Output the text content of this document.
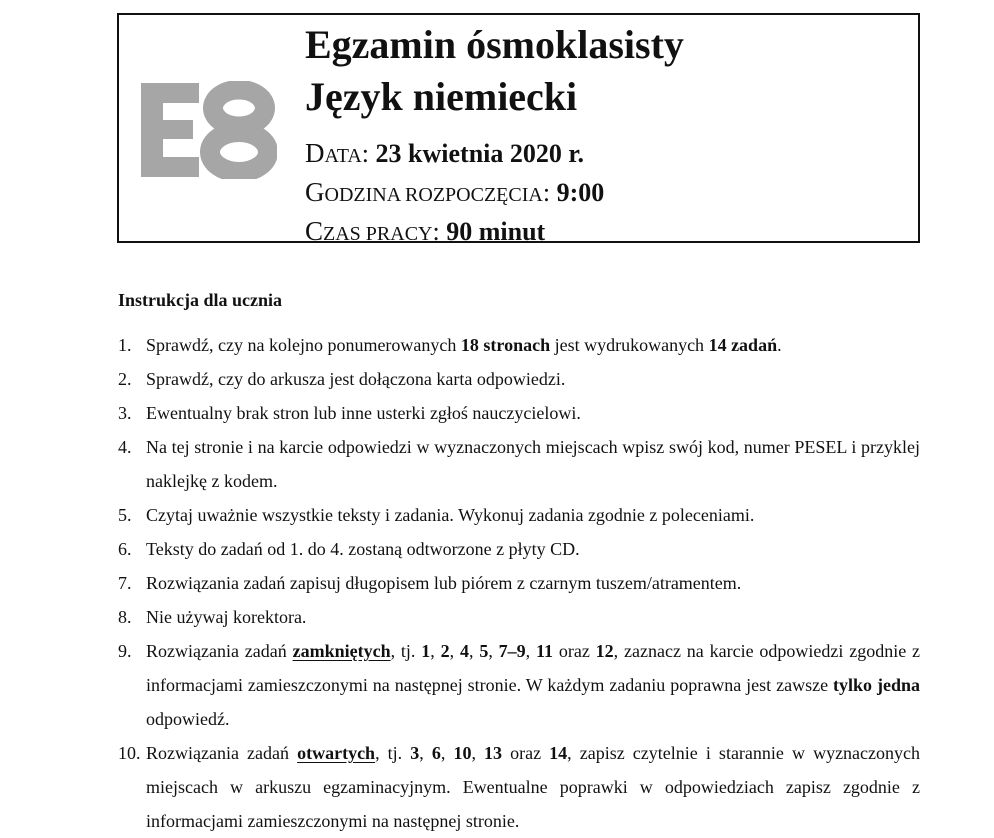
Egzamin ósmoklasisty
Język niemiecki
DATA: 23 kwietnia 2020 r.
GODZINA ROZPOCZĘCIA: 9:00
CZAS PRACY: 90 minut
Instrukcja dla ucznia
1. Sprawdź, czy na kolejno ponumerowanych 18 stronach jest wydrukowanych 14 zadań.
2. Sprawdź, czy do arkusza jest dołączona karta odpowiedzi.
3. Ewentualny brak stron lub inne usterki zgłoś nauczycielowi.
4. Na tej stronie i na karcie odpowiedzi w wyznaczonych miejscach wpisz swój kod, numer PESEL i przyklej naklejkę z kodem.
5. Czytaj uważnie wszystkie teksty i zadania. Wykonuj zadania zgodnie z poleceniami.
6. Teksty do zadań od 1. do 4. zostaną odtworzone z płyty CD.
7. Rozwiązania zadań zapisuj długopisem lub piórem z czarnym tuszem/atramentem.
8. Nie używaj korektora.
9. Rozwiązania zadań zamkniętych, tj. 1, 2, 4, 5, 7–9, 11 oraz 12, zaznacz na karcie odpowiedzi zgodnie z informacjami zamieszczonymi na następnej stronie. W każdym zadaniu poprawna jest zawsze tylko jedna odpowiedź.
10. Rozwiązania zadań otwartych, tj. 3, 6, 10, 13 oraz 14, zapisz czytelnie i starannie w wyznaczonych miejscach w arkuszu egzaminacyjnym. Ewentualne poprawki w odpowiedziach zapisz zgodnie z informacjami zamieszczonymi na następnej stronie.
